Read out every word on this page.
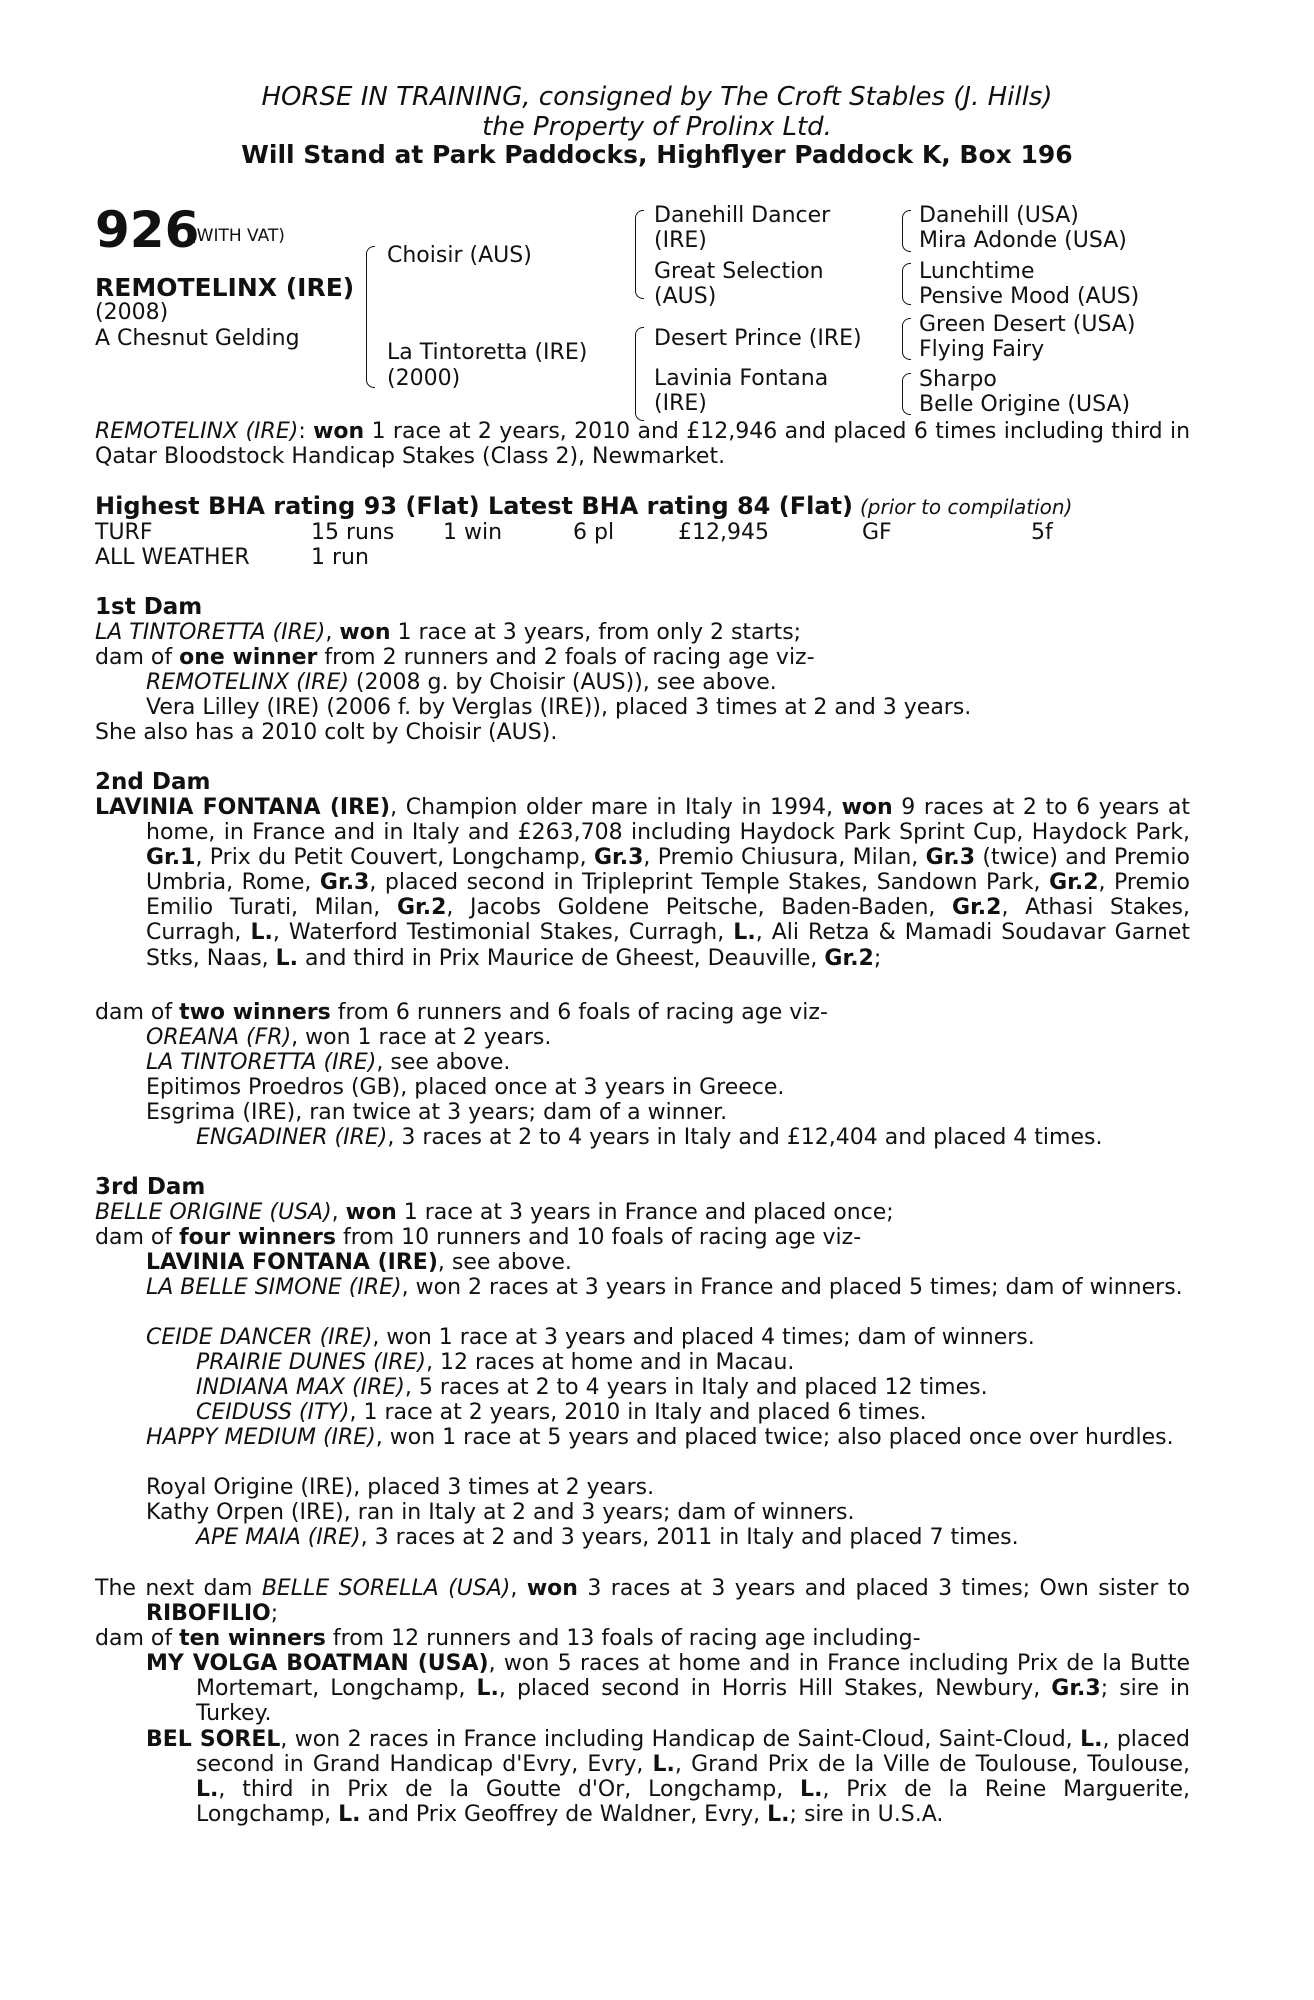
HORSE IN TRAINING, consigned by The Croft Stables (J. Hills)
the Property of Prolinx Ltd.
Will Stand at Park Paddocks, Highflyer Paddock K, Box 196
926
(WITH VAT)
REMOTELINX (IRE)
(2008)
A Chesnut Gelding
Choisir (AUS)
La Tintoretta (IRE)
(2000)
Danehill Dancer
(IRE)
Great Selection
(AUS)
Desert Prince (IRE)
Lavinia Fontana
(IRE)
Danehill (USA)
Mira Adonde (USA)
Lunchtime
Pensive Mood (AUS)
Green Desert (USA)
Flying Fairy
Sharpo
Belle Origine (USA)
REMOTELINX (IRE): won 1 race at 2 years, 2010 and £12,946 and placed 6 times including third in Qatar Bloodstock Handicap Stakes (Class 2), Newmarket.
Highest BHA rating 93 (Flat) Latest BHA rating 84 (Flat) (prior to compilation)
TURF	15 runs 1 win	6 pl	£12,945	GF	5f
ALL WEATHER	1 run
1st Dam
LA TINTORETTA (IRE), won 1 race at 3 years, from only 2 starts;
dam of one winner from 2 runners and 2 foals of racing age viz-
REMOTELINX (IRE) (2008 g. by Choisir (AUS)), see above.
Vera Lilley (IRE) (2006 f. by Verglas (IRE)), placed 3 times at 2 and 3 years.
She also has a 2010 colt by Choisir (AUS).
2nd Dam
LAVINIA FONTANA (IRE), Champion older mare in Italy in 1994, won 9 races at 2 to 6 years at home, in France and in Italy and £263,708 including Haydock Park Sprint Cup, Haydock Park, Gr.1, Prix du Petit Couvert, Longchamp, Gr.3, Premio Chiusura, Milan, Gr.3 (twice) and Premio Umbria, Rome, Gr.3, placed second in Tripleprint Temple Stakes, Sandown Park, Gr.2, Premio Emilio Turati, Milan, Gr.2, Jacobs Goldene Peitsche, Baden-Baden, Gr.2, Athasi Stakes, Curragh, L., Waterford Testimonial Stakes, Curragh, L., Ali Retza & Mamadi Soudavar Garnet Stks, Naas, L. and third in Prix Maurice de Gheest, Deauville, Gr.2;
dam of two winners from 6 runners and 6 foals of racing age viz-
OREANA (FR), won 1 race at 2 years.
LA TINTORETTA (IRE), see above.
Epitimos Proedros (GB), placed once at 3 years in Greece.
Esgrima (IRE), ran twice at 3 years; dam of a winner.
ENGADINER (IRE), 3 races at 2 to 4 years in Italy and £12,404 and placed 4 times.
3rd Dam
BELLE ORIGINE (USA), won 1 race at 3 years in France and placed once;
dam of four winners from 10 runners and 10 foals of racing age viz-
LAVINIA FONTANA (IRE), see above.
LA BELLE SIMONE (IRE), won 2 races at 3 years in France and placed 5 times; dam of winners.
CEIDE DANCER (IRE), won 1 race at 3 years and placed 4 times; dam of winners.
PRAIRIE DUNES (IRE), 12 races at home and in Macau.
INDIANA MAX (IRE), 5 races at 2 to 4 years in Italy and placed 12 times.
CEIDUSS (ITY), 1 race at 2 years, 2010 in Italy and placed 6 times.
HAPPY MEDIUM (IRE), won 1 race at 5 years and placed twice; also placed once over hurdles.
Royal Origine (IRE), placed 3 times at 2 years.
Kathy Orpen (IRE), ran in Italy at 2 and 3 years; dam of winners.
APE MAIA (IRE), 3 races at 2 and 3 years, 2011 in Italy and placed 7 times.
The next dam BELLE SORELLA (USA), won 3 races at 3 years and placed 3 times; Own sister to RIBOFILIO;
dam of ten winners from 12 runners and 13 foals of racing age including-
MY VOLGA BOATMAN (USA), won 5 races at home and in France including Prix de la Butte Mortemart, Longchamp, L., placed second in Horris Hill Stakes, Newbury, Gr.3; sire in Turkey.
BEL SOREL, won 2 races in France including Handicap de Saint-Cloud, Saint-Cloud, L., placed second in Grand Handicap d'Evry, Evry, L., Grand Prix de la Ville de Toulouse, Toulouse, L., third in Prix de la Goutte d'Or, Longchamp, L., Prix de la Reine Marguerite, Longchamp, L. and Prix Geoffrey de Waldner, Evry, L.; sire in U.S.A.
